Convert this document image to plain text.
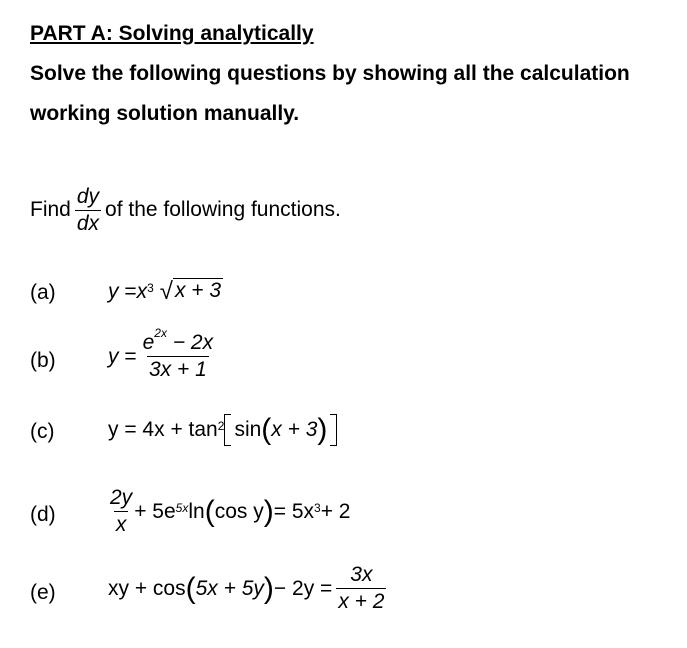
PART A: Solving analytically
Solve the following questions by showing all the calculation
working solution manually.
Find $\frac{dy}{dx}$ of the following functions.
(a) y
= $x^3$ √ x + 3
(b) y
= $\frac{e^{2x} - 2x}{3x + 1}$
(c)	$y = 4x + \tan^2 \sin$ ( x + 3 )
$(d) \frac{2y}{x} + 5e^{5x}$ ln ( cos y ) = $5x^3 + 2$
(e) xy + cos ( 5x + 5y ) − $2y = \frac{3x}{x + 2}$
